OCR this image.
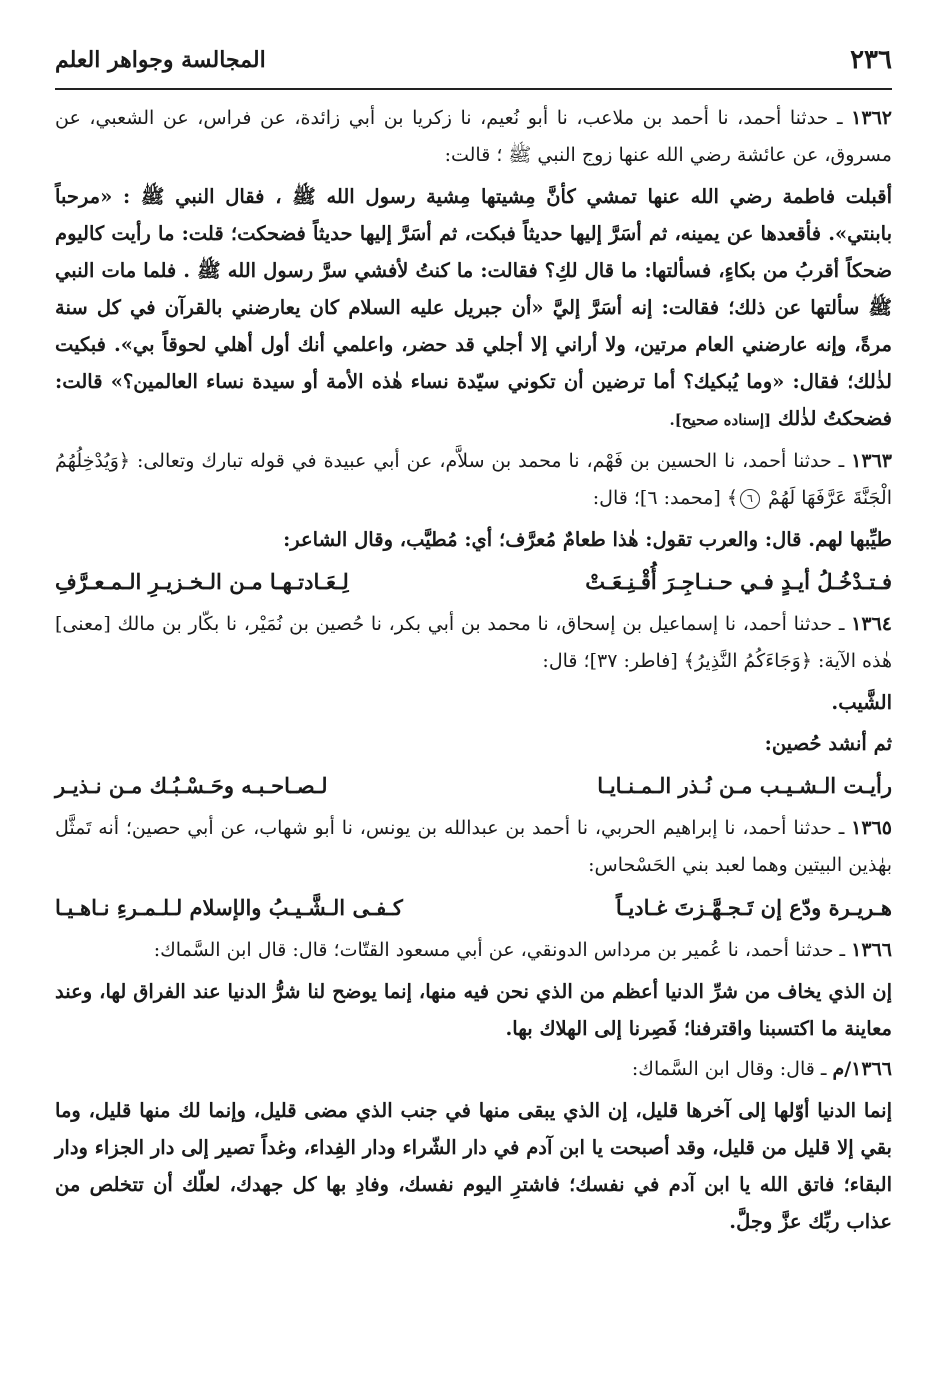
٢٣٦
المجالسة وجواهر العلم

١٣٦٢ ـ حدثنا أحمد، نا أحمد بن ملاعب، نا أبو نُعيم، نا زكريا بن أبي زائدة، عن فراس، عن الشعبي، عن مسروق، عن عائشة رضي الله عنها زوج النبي ﷺ ؛ قالت:

أقبلت فاطمة رضي الله عنها تمشي كأنَّ مِشيتها مِشية رسول الله ﷺ ، فقال النبي ﷺ : «مرحباً بابنتي». فأقعدها عن يمينه، ثم أسَرَّ إليها حديثاً فبكت، ثم أسَرَّ إليها حديثاً فضحكت؛ قلت: ما رأيت كاليوم ضحكاً أقربُ من بكاءٍ، فسألتها: ما قال لكِ؟ فقالت: ما كنتُ لأفشي سرَّ رسول الله ﷺ . فلما مات النبي ﷺ سألتها عن ذلك؛ فقالت: إنه أسَرَّ إليَّ «أن جبريل عليه السلام كان يعارضني بالقرآن في كل سنة مرةً، وإنه عارضني العام مرتين، ولا أراني إلا أجلي قد حضر، واعلمي أنك أول أهلي لحوقاً بي». فبكيت لذٰلك؛ فقال: «وما يُبكيك؟ أما ترضين أن تكوني سيّدة نساء هٰذه الأمة أو سيدة نساء العالمين؟» قالت: فضحكتُ لذٰلك [إسناده صحيح].

١٣٦٣ ـ حدثنا أحمد، نا الحسين بن فَهْم، نا محمد بن سلاَّم، عن أبي عبيدة في قوله تبارك وتعالى: ﴿وَيُدْخِلُهُمُ الْجَنَّةَ عَرَّفَهَا لَهُمْ ٦﴾ [محمد: ٦]؛ قال:

طيِّبها لهم. قال: والعرب تقول: هٰذا طعامٌ مُعرَّف؛ أي: مُطيَّب، وقال الشاعر:

فـتـدْخُـلُ أيـدٍ فـي حـنـاجِـرَ أُقْـنِـعَـتْ
لِـعَـادتـهـا مـن الـخـزيـرِ الـمـعـرَّفِ

١٣٦٤ ـ حدثنا أحمد، نا إسماعيل بن إسحاق، نا محمد بن أبي بكر، نا حُصين بن نُمَيْر، نا بكّار بن مالك [معنى] هٰذه الآية: ﴿وَجَاءَكُمُ النَّذِيرُ﴾ [فاطر: ٣٧]؛ قال:

الشَّيب.

ثم أنشد حُصين:

رأيـت الـشـيـب مـن نُـذر الـمـنـايـا
لـصـاحـبـه وحَـسْـبُـك مـن نـذيـر

١٣٦٥ ـ حدثنا أحمد، نا إبراهيم الحربي، نا أحمد بن عبدالله بن يونس، نا أبو شهاب، عن أبي حصين؛ أنه تَمثَّل بهٰذين البيتين وهما لعبد بني الحَسْحاس:

هـريـرة ودّع إن تَـجـهَّـزتَ غـاديـاً
كـفـى الـشَّـيـبُ والإسلام لـلـمـرءِ نـاهـيـا

١٣٦٦ ـ حدثنا أحمد، نا عُمير بن مرداس الدونقي، عن أبي مسعود القتّات؛ قال: قال ابن السَّماك:

إن الذي يخاف من شرِّ الدنيا أعظم من الذي نحن فيه منها، إنما يوضح لنا شرُّ الدنيا عند الفراق لها، وعند معاينة ما اكتسبنا واقترفنا؛ فَصِرنا إلى الهلاك بها.

١٣٦٦/م ـ قال: وقال ابن السَّماك:

إنما الدنيا أوّلها إلى آخرها قليل، إن الذي يبقى منها في جنب الذي مضى قليل، وإنما لك منها قليل، وما بقي إلا قليل من قليل، وقد أصبحت يا ابن آدم في دار الشّراء ودار الفِداء، وغداً تصير إلى دار الجزاء ودار البقاء؛ فاتق الله يا ابن آدم في نفسك؛ فاشترِ اليوم نفسك، وفادِ بها كل جهدك، لعلّك أن تتخلص من عذاب ربِّك عزَّ وجلَّ.
